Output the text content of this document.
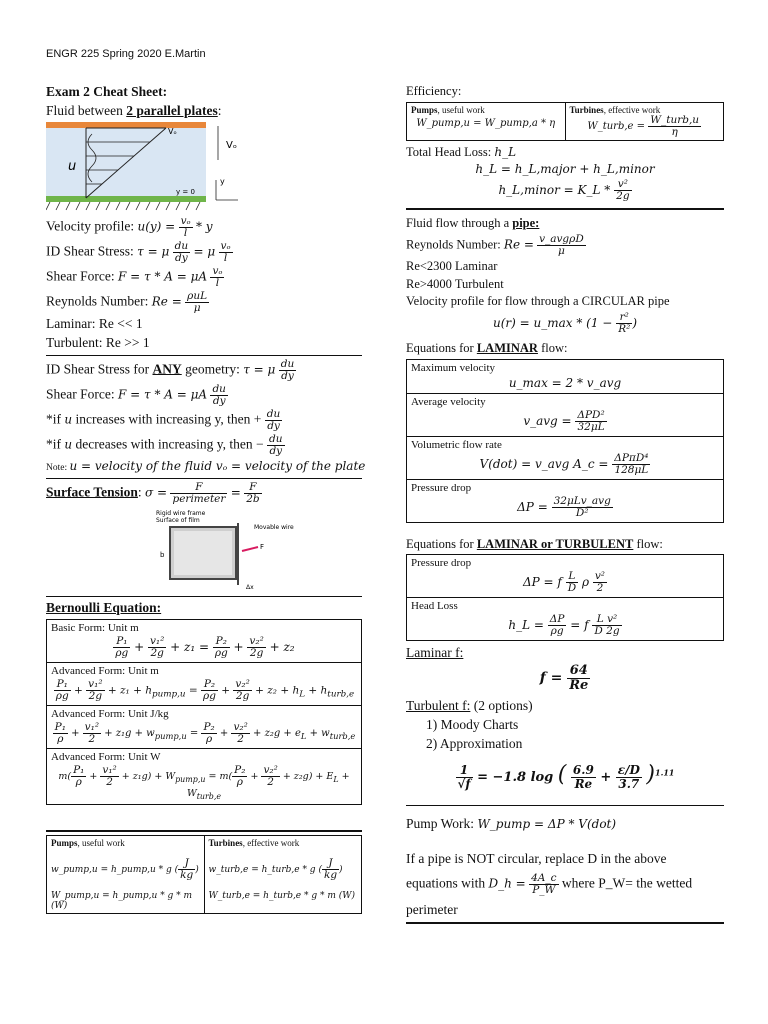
ENGR 225 Spring 2020 E.Martin
Exam 2 Cheat Sheet:
Fluid between 2 parallel plates:
Vₒ
Vₒ
u
y = 0
y
Velocity profile: $u(y) = \frac{\text{vₒ}}{l} * y$
ID Shear Stress: τ = μ $\frac{du}{dy} = \mu \frac{\text{vₒ}}{l}$
Shear Force: F = τ * A = μA $\frac{\text{vₒ}}{l}$
Reynolds Number: $Re = \frac{\text{ρuL}}{\mu}$
Laminar: Re << 1
Turbulent: Re >> 1
ID Shear Stress for ANY geometry: τ = μ $\frac{du}{dy}$
Shear Force: F = τ * A = μA $\frac{du}{dy}$
*if u increases with increasing y, then + $\frac{du}{dy}$
*if u decreases with increasing y, then − $\frac{du}{dy}$
Note: u = velocity of the fluid vₒ = velocity of the plate
Surface Tension: $\sigma = \frac{F}{\text{perimeter}} = \frac{F}{2b}$
Rigid wire frame
Surface of film
F
Movable wire
Δx
b
Bernoulli Equation:
Basic Form: Unit m
$\frac{\text{P₁}}{\rho g} + \frac{\text{v₁²}}{2g} + z_1 = \frac{\text{P₂}}{\rho g} + \frac{\text{v₂²}}{2g} + z_2$
Advanced Form: Unit m
$\frac{\text{P₁}}{\rho g} + \frac{\text{v₁²}}{2g} + z_1 + h_{pump,u} = \frac{\text{P₂}}{\rho g} + \frac{\text{v₂²}}{2g} + z_2 + h_L + h_{turb,e}$
Advanced Form: Unit J/kg
$\frac{\text{P₁}}{\rho} + \frac{\text{v₁²}}{2} + z_1g + w_{pump,u} = \frac{\text{P₂}}{\rho} + \frac{\text{v₂²}}{2} + z_2g + e_L + w_{turb,e}$
Advanced Form: Unit W
$m( \frac{\text{P₁}}{\rho} + \frac{\text{v₁²}}{2} + z_1g) + W_{pump,u} = m( \frac{\text{P₂}}{\rho} + \frac{\text{v₂²}}{2} + z_2g) + E_L + W_{turb,e}$
Pumps, useful work
w_pump,u = h_pump,u * g ( $\frac{J}{kg}$ )
W_pump,u = h_pump,u * g * m (W)
Turbines, effective work
w_turb,e = h_turb,e * g ( $\frac{J}{kg}$ )
W_turb,e = h_turb,e * g * m (W)
Efficiency:
Pumps, useful work
W_pump,u = W_pump,a * η
Turbines, effective work
W_turb,e = $\frac{\text{W\_turb,u}}{\eta}$
Total Head Loss: h_L
h_L = h_L,major + h_L,minor
h_L,minor = K_L * $\frac{\text{v²}}{2g}$
Fluid flow through a pipe:
Reynolds Number: $Re = \frac{\text{v\_avgρD}}{\mu}$
Re<2300 Laminar
Re>4000 Turbulent
Velocity profile for flow through a CIRCULAR pipe
u(r) = u_max * ($1 - \frac{\text{r²}}{\text{R²}}$ )
Equations for LAMINAR flow:
Maximum velocity
u_max = 2 * v_avg
Average velocity
v_avg = $\frac{\text{ΔPD²}}{32\mu L}$
Volumetric flow rate
V(dot) = v_avg A_c = $\frac{\text{ΔPπD⁴}}{128\mu L}$
Pressure drop
$\Delta P = \frac{\text{32μLv\_avg}}{\text{D²}}$
Equations for LAMINAR or TURBULENT flow:
Pressure drop
ΔP = f $\frac{L}{D}$ ρ $\frac{\text{v²}}{2}$
Head Loss
h_L = $\frac{\Delta P}{\rho g} = f \frac{\text{L v²}}{D 2g}$
Laminar f:
$f = \frac{64}{Re}$
Turbulent f: (2 options)
1) Moody Charts
2) Approximation
$\frac{1}{√f} = -1.8$ log ( $\frac{6.9}{Re} + \frac{\varepsilon/D}{3.7} )^{1.11}$
Pump Work: W_pump = ΔP * V(dot)
If a pipe is NOT circular, replace D in the above
equations with D_h = $\frac{4A\_c}{P\_W}$ where P_W= the wetted
perimeter
